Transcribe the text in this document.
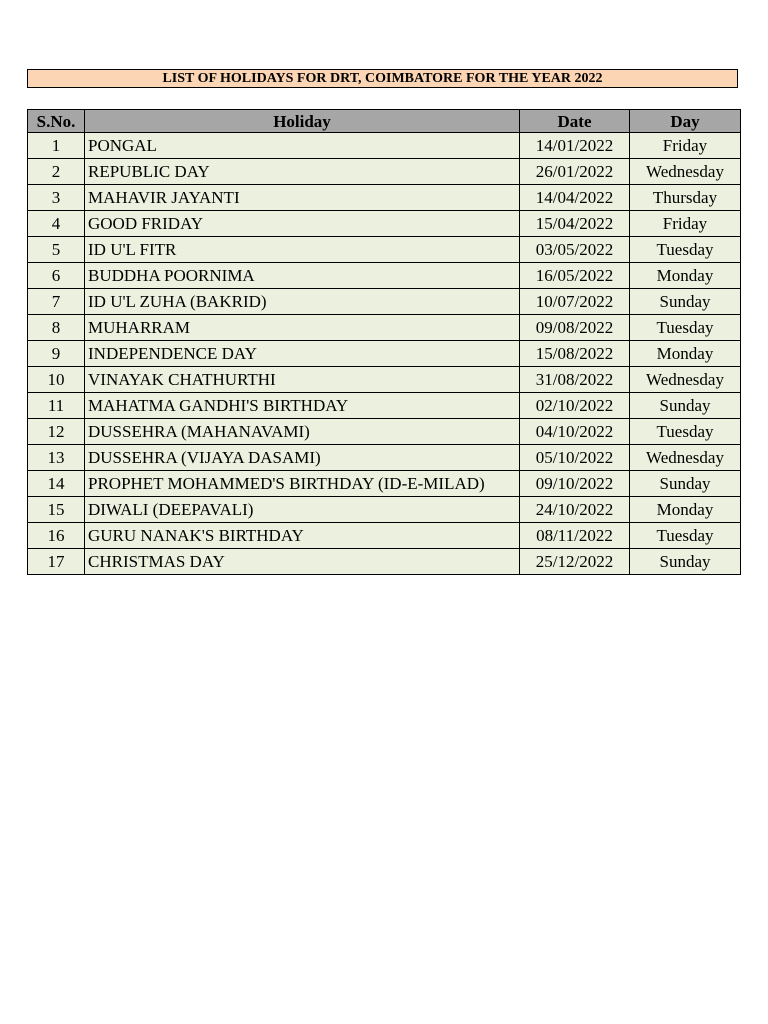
LIST OF HOLIDAYS FOR DRT, COIMBATORE FOR THE YEAR 2022
S.No.	Holiday	Date	Day
1	PONGAL	14/01/2022	Friday
2	REPUBLIC DAY	26/01/2022	Wednesday
3	MAHAVIR JAYANTI	14/04/2022	Thursday
4	GOOD FRIDAY	15/04/2022	Friday
5	ID U'L FITR	03/05/2022	Tuesday
6	BUDDHA POORNIMA	16/05/2022	Monday
7	ID U'L ZUHA (BAKRID)	10/07/2022	Sunday
8	MUHARRAM	09/08/2022	Tuesday
9	INDEPENDENCE DAY	15/08/2022	Monday
10	VINAYAK CHATHURTHI	31/08/2022	Wednesday
11	MAHATMA GANDHI'S BIRTHDAY	02/10/2022	Sunday
12	DUSSEHRA (MAHANAVAMI)	04/10/2022	Tuesday
13	DUSSEHRA (VIJAYA DASAMI)	05/10/2022	Wednesday
14	PROPHET MOHAMMED'S BIRTHDAY (ID-E-MILAD)	09/10/2022	Sunday
15	DIWALI (DEEPAVALI)	24/10/2022	Monday
16	GURU NANAK'S BIRTHDAY	08/11/2022	Tuesday
17	CHRISTMAS DAY	25/12/2022	Sunday
